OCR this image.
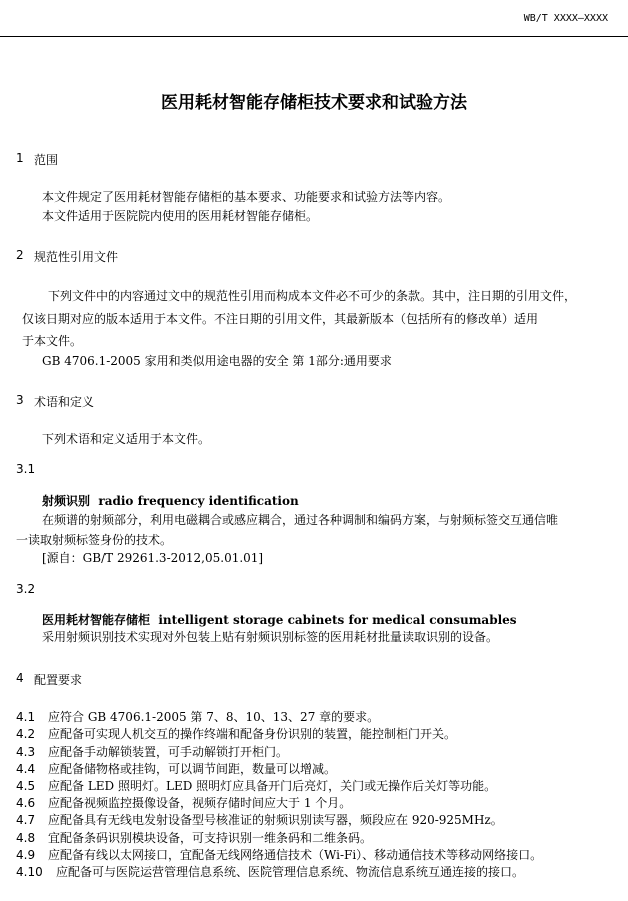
WB/T XXXX—XXXX
医用耗材智能存储柜技术要求和试验方法
1 范围
本文件规定了医用耗材智能存储柜的基本要求、功能要求和试验方法等内容。
本文件适用于医院院内使用的医用耗材智能存储柜。
2 规范性引用文件
下列文件中的内容通过文中的规范性引用而构成本文件必不可少的条款。其中，注日期的引用文件，
仅该日期对应的版本适用于本文件。不注日期的引用文件，其最新版本（包括所有的修改单）适用
于本文件。
GB 4706.1-2005 家用和类似用途电器的安全 第 1部分:通用要求
3 术语和定义
下列术语和定义适用于本文件。
3.1
射频识别 radio frequency identification
在频谱的射频部分，利用电磁耦合或感应耦合，通过各种调制和编码方案，与射频标签交互通信唯
一读取射频标签身份的技术。
[源自：GB/T 29261.3-2012,05.01.01]
3.2
医用耗材智能存储柜 intelligent storage cabinets for medical consumables
采用射频识别技术实现对外包装上贴有射频识别标签的医用耗材批量读取识别的设备。
4 配置要求
4.1 应符合 GB 4706.1-2005 第 7、8、10、13、27 章的要求。
4.2 应配备可实现人机交互的操作终端和配备身份识别的装置，能控制柜门开关。
4.3 应配备手动解锁装置，可手动解锁打开柜门。
4.4 应配备储物格或挂钩，可以调节间距，数量可以增减。
4.5 应配备 LED 照明灯。LED 照明灯应具备开门后亮灯，关门或无操作后关灯等功能。
4.6 应配备视频监控摄像设备，视频存储时间应大于 1 个月。
4.7 应配备具有无线电发射设备型号核准证的射频识别读写器，频段应在 920-925MHz。
4.8 宜配备条码识别模块设备，可支持识别一维条码和二维条码。
4.9 应配备有线以太网接口，宜配备无线网络通信技术（Wi-Fi）、移动通信技术等移动网络接口。
4.10 应配备可与医院运营管理信息系统、医院管理信息系统、物流信息系统互通连接的接口。
